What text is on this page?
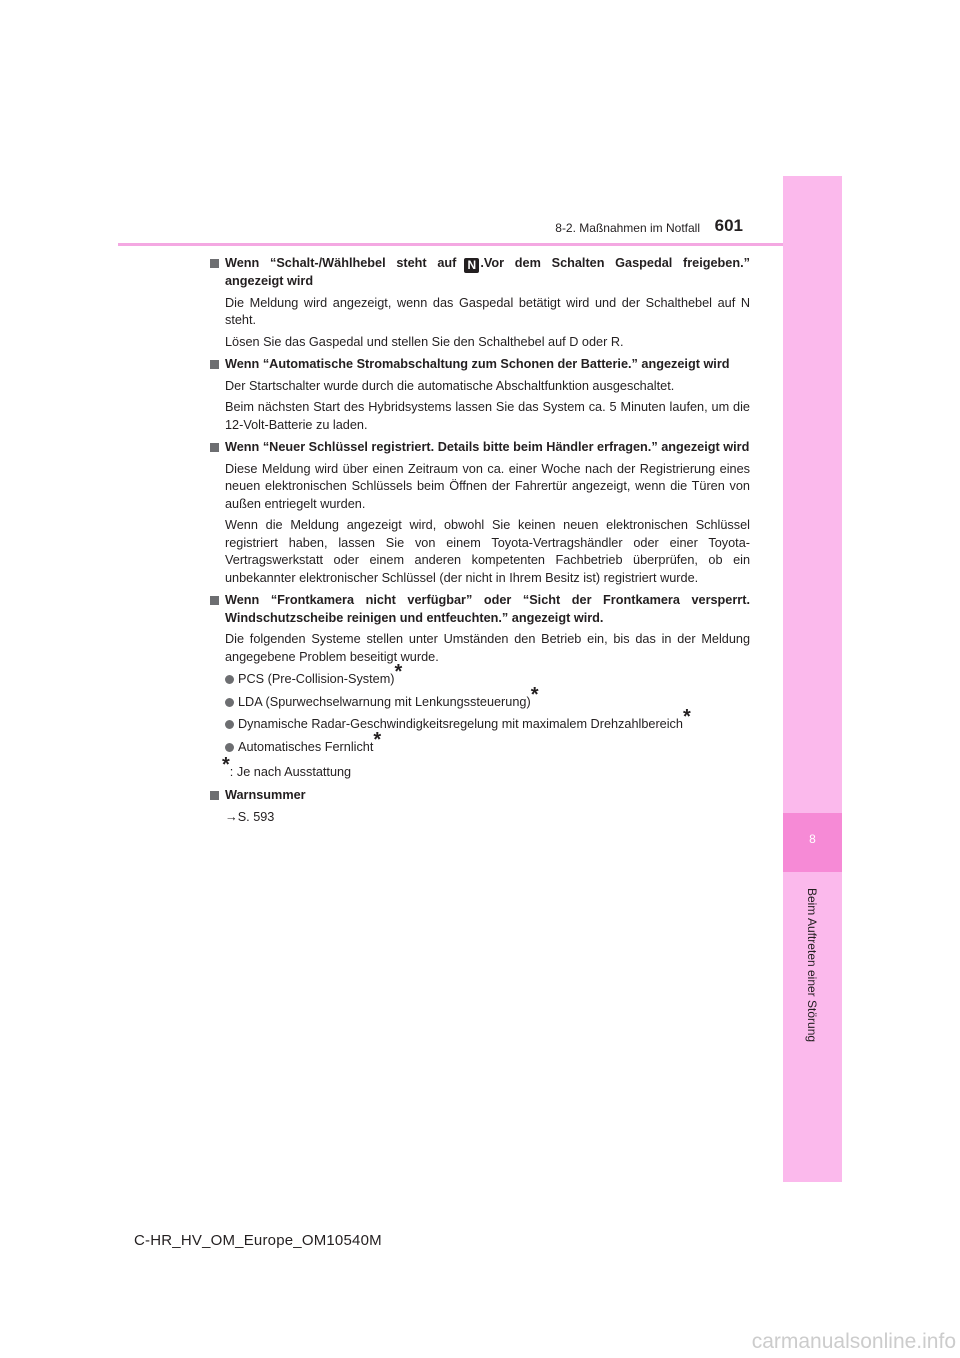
8
Beim Auftreten einer Störung
8-2. Maßnahmen im Notfall 601

Wenn “Schalt-/Wählhebel steht auf N .Vor dem Schalten Gaspedal freigeben.” angezeigt wird

Die Meldung wird angezeigt, wenn das Gaspedal betätigt wird und der Schalthebel auf N steht.

Lösen Sie das Gaspedal und stellen Sie den Schalthebel auf D oder R.

Wenn “Automatische Stromabschaltung zum Schonen der Batterie.” angezeigt wird

Der Startschalter wurde durch die automatische Abschaltfunktion ausgeschaltet.

Beim nächsten Start des Hybridsystems lassen Sie das System ca. 5 Minuten laufen, um die 12-Volt-Batterie zu laden.

Wenn “Neuer Schlüssel registriert. Details bitte beim Händler erfragen.” angezeigt wird

Diese Meldung wird über einen Zeitraum von ca. einer Woche nach der Registrierung eines neuen elektronischen Schlüssels beim Öffnen der Fahrertür angezeigt, wenn die Türen von außen entriegelt wurden.

Wenn die Meldung angezeigt wird, obwohl Sie keinen neuen elektronischen Schlüssel registriert haben, lassen Sie von einem Toyota-Vertragshändler oder einer Toyota-Vertragswerkstatt oder einem anderen kompetenten Fachbetrieb überprüfen, ob ein unbekannter elektronischer Schlüssel (der nicht in Ihrem Besitz ist) registriert wurde.

Wenn “Frontkamera nicht verfügbar” oder “Sicht der Frontkamera versperrt. Windschutzscheibe reinigen und entfeuchten.” angezeigt wird.

Die folgenden Systeme stellen unter Umständen den Betrieb ein, bis das in der Meldung angegebene Problem beseitigt wurde.

PCS (Pre-Collision-System)*
LDA (Spurwechselwarnung mit Lenkungssteuerung)*
Dynamische Radar-Geschwindigkeitsregelung mit maximalem Drehzahlbereich*
Automatisches Fernlicht*

*: Je nach Ausstattung

Warnsummer

→S. 593

C-HR_HV_OM_Europe_OM10540M
carmanualsonline.info
